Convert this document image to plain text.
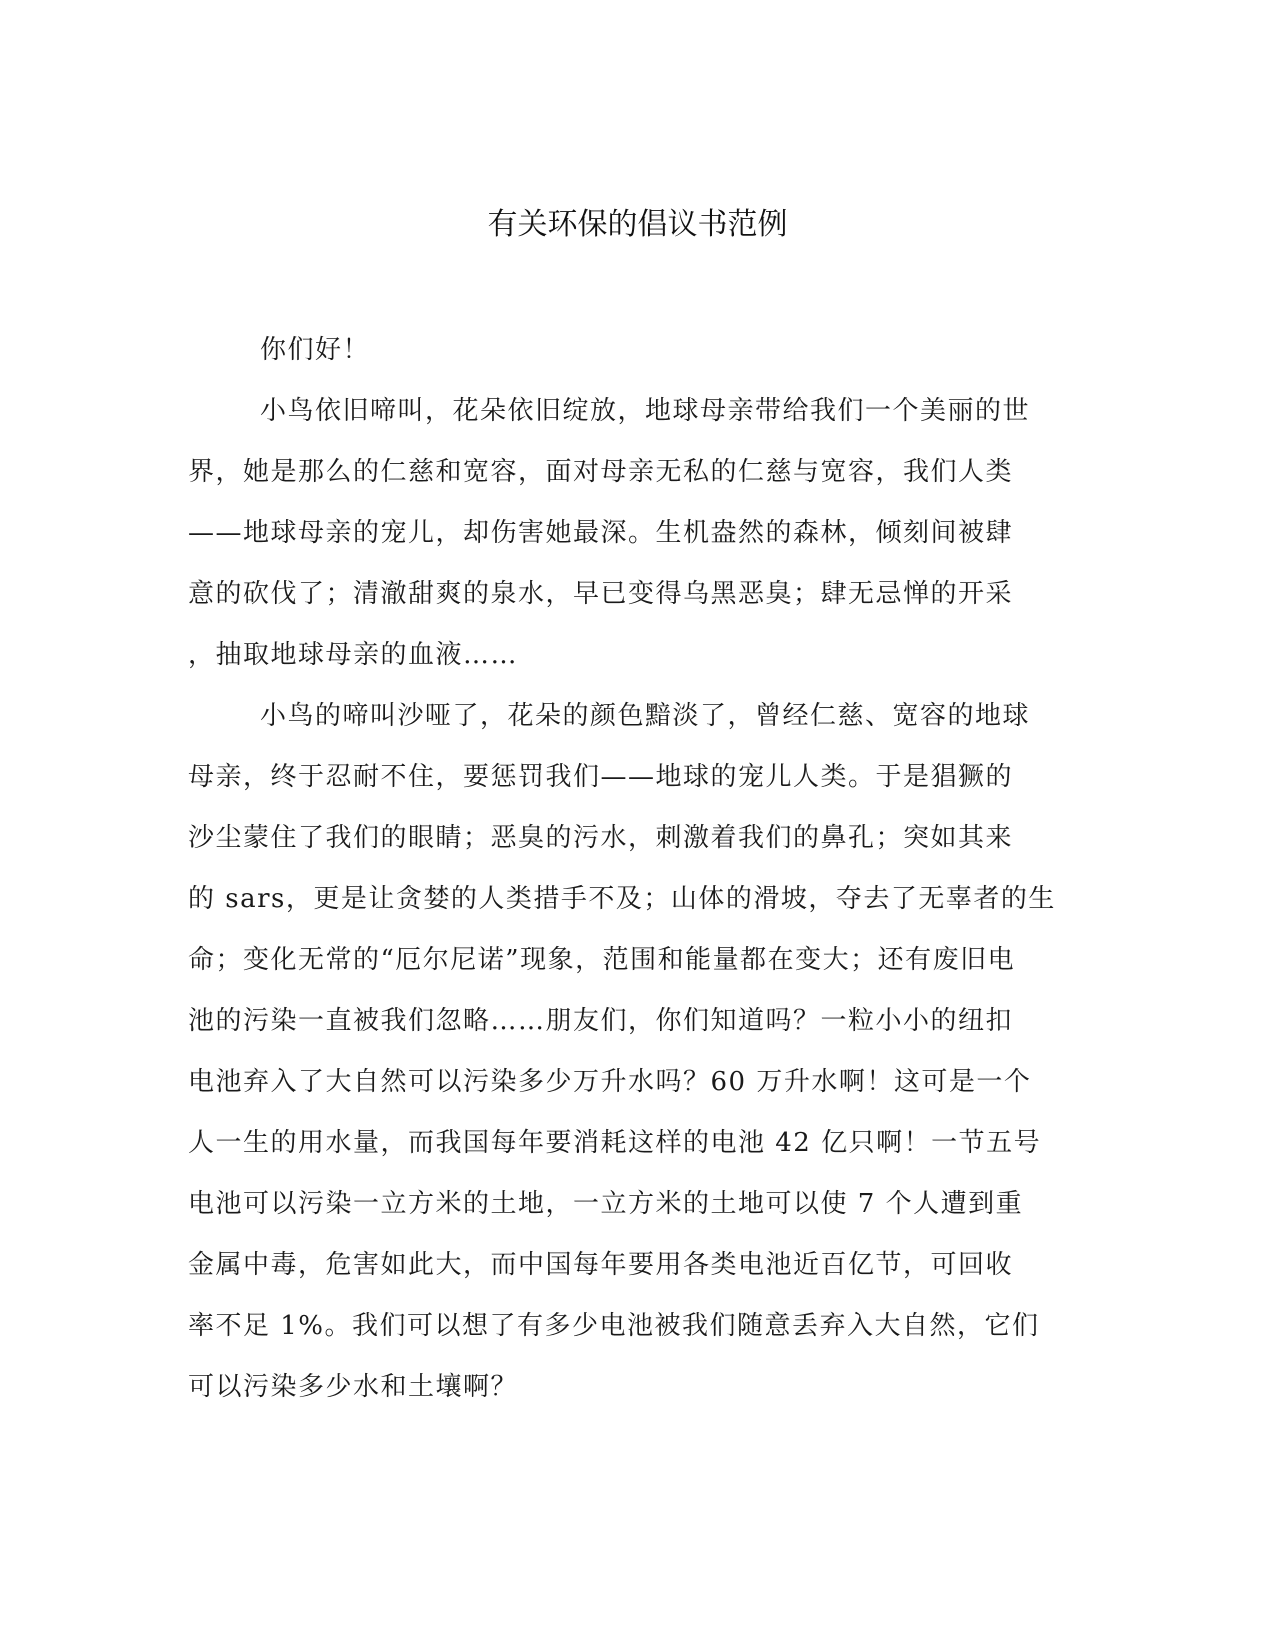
有关环保的倡议书范例

你们好！

小鸟依旧啼叫，花朵依旧绽放，地球母亲带给我们一个美丽的世
界，她是那么的仁慈和宽容，面对母亲无私的仁慈与宽容，我们人类
——地球母亲的宠儿，却伤害她最深。生机盎然的森林，倾刻间被肆
意的砍伐了；清澈甜爽的泉水，早已变得乌黑恶臭；肆无忌惮的开采
，抽取地球母亲的血液……

小鸟的啼叫沙哑了，花朵的颜色黯淡了，曾经仁慈、宽容的地球
母亲，终于忍耐不住，要惩罚我们——地球的宠儿人类。于是猖獗的
沙尘蒙住了我们的眼睛；恶臭的污水，刺激着我们的鼻孔；突如其来
的 sars，更是让贪婪的人类措手不及；山体的滑坡，夺去了无辜者的生
命；变化无常的“厄尔尼诺”现象，范围和能量都在变大；还有废旧电
池的污染一直被我们忽略……朋友们，你们知道吗？一粒小小的纽扣
电池弃入了大自然可以污染多少万升水吗？60 万升水啊！这可是一个
人一生的用水量，而我国每年要消耗这样的电池 42 亿只啊！一节五号
电池可以污染一立方米的土地，一立方米的土地可以使 7 个人遭到重
金属中毒，危害如此大，而中国每年要用各类电池近百亿节，可回收
率不足 1%。我们可以想了有多少电池被我们随意丢弃入大自然，它们
可以污染多少水和土壤啊？
